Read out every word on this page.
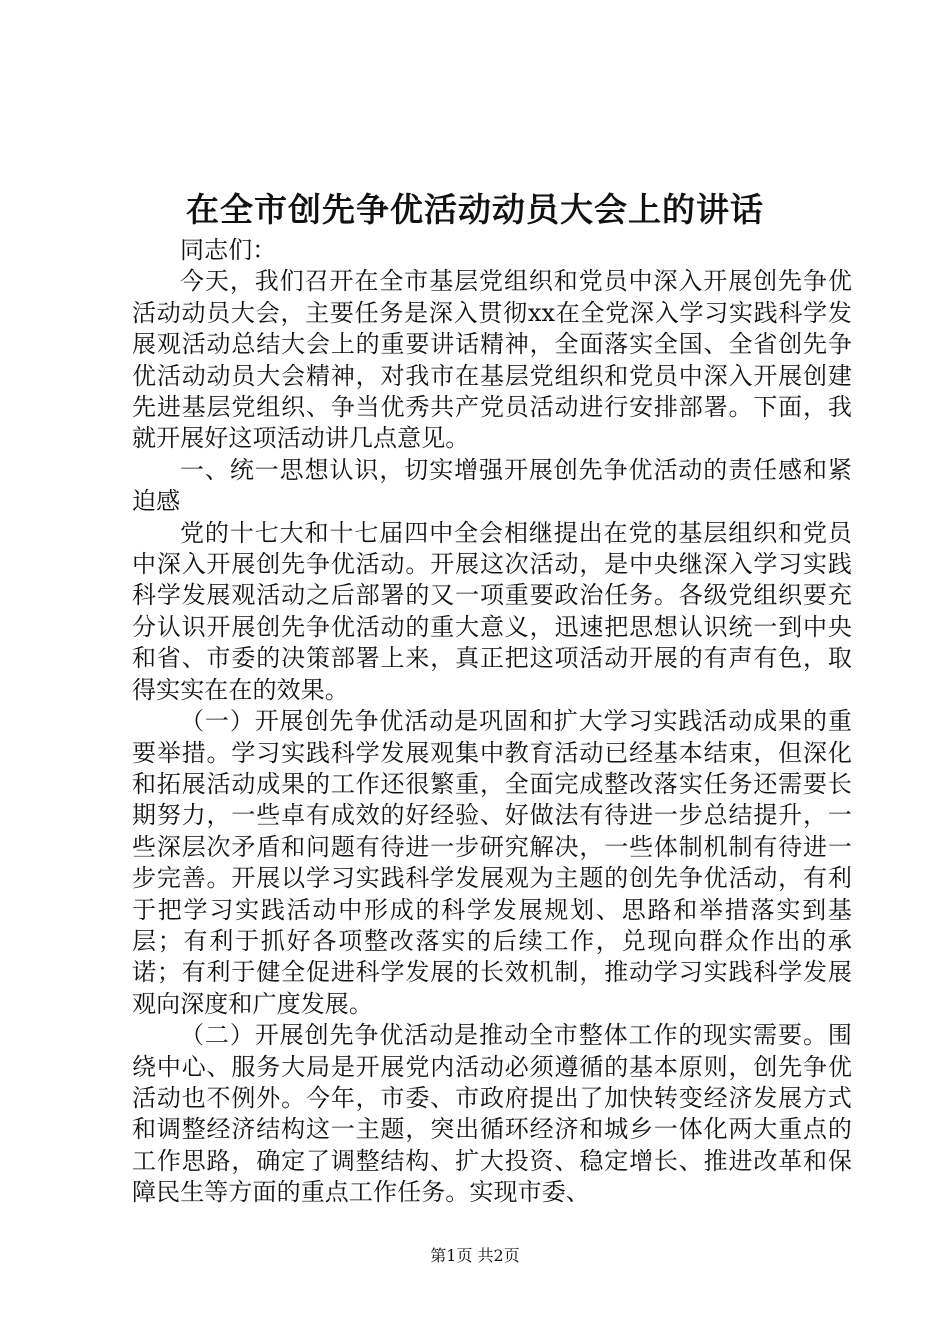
在全市创先争优活动动员大会上的讲话

同志们：

今天，我们召开在全市基层党组织和党员中深入开展创先争优活动动员大会，主要任务是深入贯彻xx在全党深入学习实践科学发展观活动总结大会上的重要讲话精神，全面落实全国、全省创先争优活动动员大会精神，对我市在基层党组织和党员中深入开展创建先进基层党组织、争当优秀共产党员活动进行安排部署。下面，我就开展好这项活动讲几点意见。

一、统一思想认识，切实增强开展创先争优活动的责任感和紧迫感

党的十七大和十七届四中全会相继提出在党的基层组织和党员中深入开展创先争优活动。开展这次活动，是中央继深入学习实践科学发展观活动之后部署的又一项重要政治任务。各级党组织要充分认识开展创先争优活动的重大意义，迅速把思想认识统一到中央和省、市委的决策部署上来，真正把这项活动开展的有声有色，取得实实在在的效果。

（一）开展创先争优活动是巩固和扩大学习实践活动成果的重要举措。学习实践科学发展观集中教育活动已经基本结束，但深化和拓展活动成果的工作还很繁重，全面完成整改落实任务还需要长期努力，一些卓有成效的好经验、好做法有待进一步总结提升，一些深层次矛盾和问题有待进一步研究解决，一些体制机制有待进一步完善。开展以学习实践科学发展观为主题的创先争优活动，有利于把学习实践活动中形成的科学发展规划、思路和举措落实到基层；有利于抓好各项整改落实的后续工作，兑现向群众作出的承诺；有利于健全促进科学发展的长效机制，推动学习实践科学发展观向深度和广度发展。

（二）开展创先争优活动是推动全市整体工作的现实需要。围绕中心、服务大局是开展党内活动必须遵循的基本原则，创先争优活动也不例外。今年，市委、市政府提出了加快转变经济发展方式和调整经济结构这一主题，突出循环经济和城乡一体化两大重点的工作思路，确定了调整结构、扩大投资、稳定增长、推进改革和保障民生等方面的重点工作任务。实现市委、

第1页 共2页
